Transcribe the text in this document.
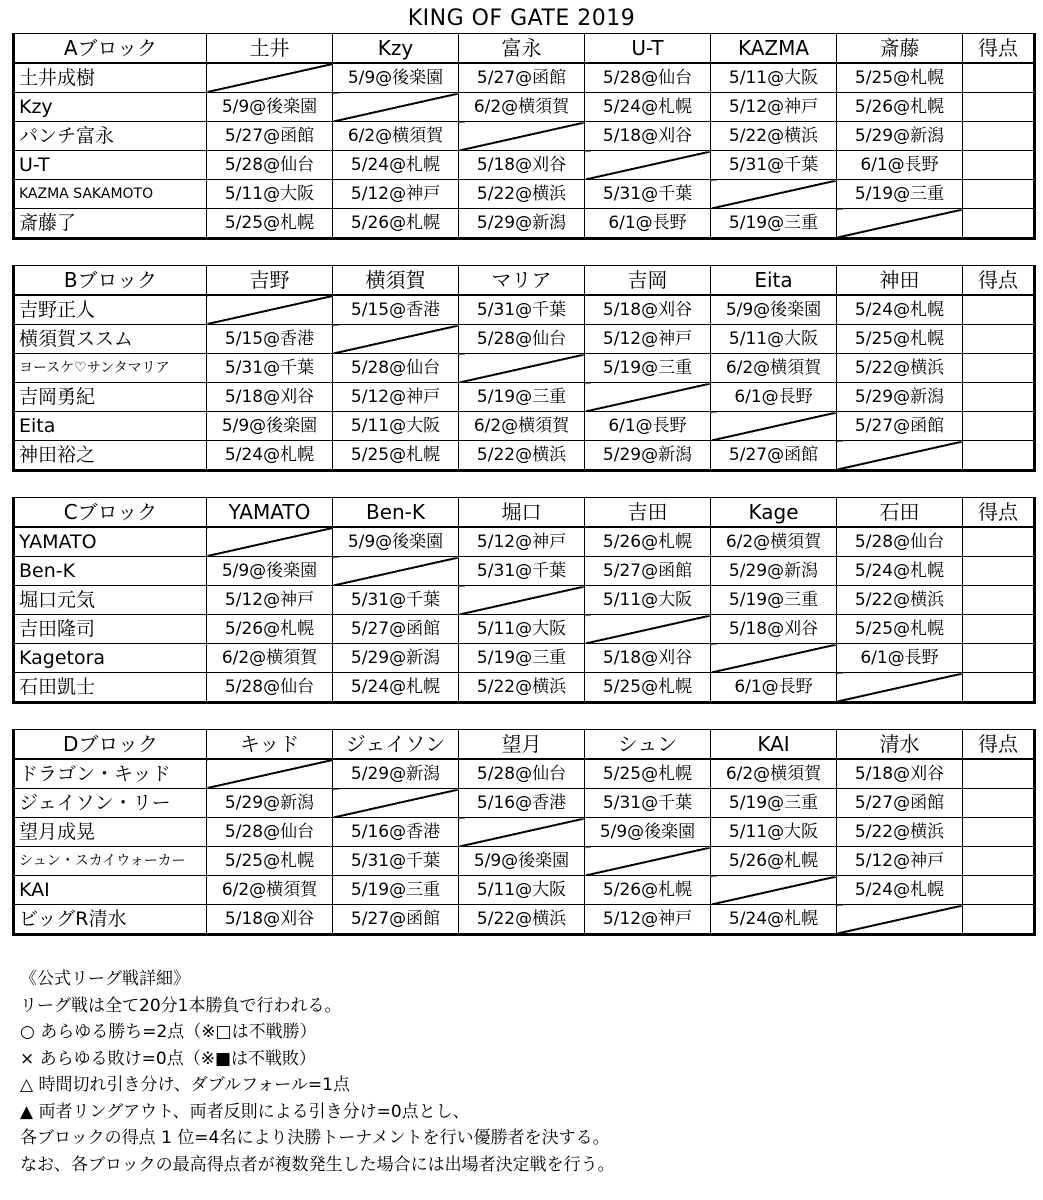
KING OF GATE 2019
Aブロック	土井	Kzy	富永	U-T	KAZMA	斎藤	得点
土井成樹		5/9@後楽園	5/27@函館	5/28@仙台	5/11@大阪	5/25@札幌	
Kzy	5/9@後楽園		6/2@横須賀	5/24@札幌	5/12@神戸	5/26@札幌	
パンチ富永	5/27@函館	6/2@横須賀		5/18@刈谷	5/22@横浜	5/29@新潟	
U-T	5/28@仙台	5/24@札幌	5/18@刈谷		5/31@千葉	6/1@長野	
KAZMA SAKAMOTO	5/11@大阪	5/12@神戸	5/22@横浜	5/31@千葉		5/19@三重	
斎藤了	5/25@札幌	5/26@札幌	5/29@新潟	6/1@長野	5/19@三重		
Bブロック	吉野	横須賀	マリア	吉岡	Eita	神田	得点
吉野正人		5/15@香港	5/31@千葉	5/18@刈谷	5/9@後楽園	5/24@札幌	
横須賀ススム	5/15@香港		5/28@仙台	5/12@神戸	5/11@大阪	5/25@札幌	
ヨースケ♡サンタマリア	5/31@千葉	5/28@仙台		5/19@三重	6/2@横須賀	5/22@横浜	
吉岡勇紀	5/18@刈谷	5/12@神戸	5/19@三重		6/1@長野	5/29@新潟	
Eita	5/9@後楽園	5/11@大阪	6/2@横須賀	6/1@長野		5/27@函館	
神田裕之	5/24@札幌	5/25@札幌	5/22@横浜	5/29@新潟	5/27@函館		
Cブロック	YAMATO	Ben-K	堀口	吉田	Kage	石田	得点
YAMATO		5/9@後楽園	5/12@神戸	5/26@札幌	6/2@横須賀	5/28@仙台	
Ben-K	5/9@後楽園		5/31@千葉	5/27@函館	5/29@新潟	5/24@札幌	
堀口元気	5/12@神戸	5/31@千葉		5/11@大阪	5/19@三重	5/22@横浜	
吉田隆司	5/26@札幌	5/27@函館	5/11@大阪		5/18@刈谷	5/25@札幌	
Kagetora	6/2@横須賀	5/29@新潟	5/19@三重	5/18@刈谷		6/1@長野	
石田凱士	5/28@仙台	5/24@札幌	5/22@横浜	5/25@札幌	6/1@長野		
Dブロック	キッド	ジェイソン	望月	シュン	KAI	清水	得点
ドラゴン・キッド		5/29@新潟	5/28@仙台	5/25@札幌	6/2@横須賀	5/18@刈谷	
ジェイソン・リー	5/29@新潟		5/16@香港	5/31@千葉	5/19@三重	5/27@函館	
望月成晃	5/28@仙台	5/16@香港		5/9@後楽園	5/11@大阪	5/22@横浜	
シュン・スカイウォーカー	5/25@札幌	5/31@千葉	5/9@後楽園		5/26@札幌	5/12@神戸	
KAI	6/2@横須賀	5/19@三重	5/11@大阪	5/26@札幌		5/24@札幌	
ビッグR清水	5/18@刈谷	5/27@函館	5/22@横浜	5/12@神戸	5/24@札幌		
《公式リーグ戦詳細》
リーグ戦は全て20分1本勝負で行われる。
○ あらゆる勝ち=2点（※□は不戦勝）
× あらゆる敗け=0点（※■は不戦敗）
△ 時間切れ引き分け、ダブルフォール=1点
▲ 両者リングアウト、両者反則による引き分け=0点とし、
各ブロックの得点 1 位=4名により決勝トーナメントを行い優勝者を決する。
なお、各ブロックの最高得点者が複数発生した場合には出場者決定戦を行う。
